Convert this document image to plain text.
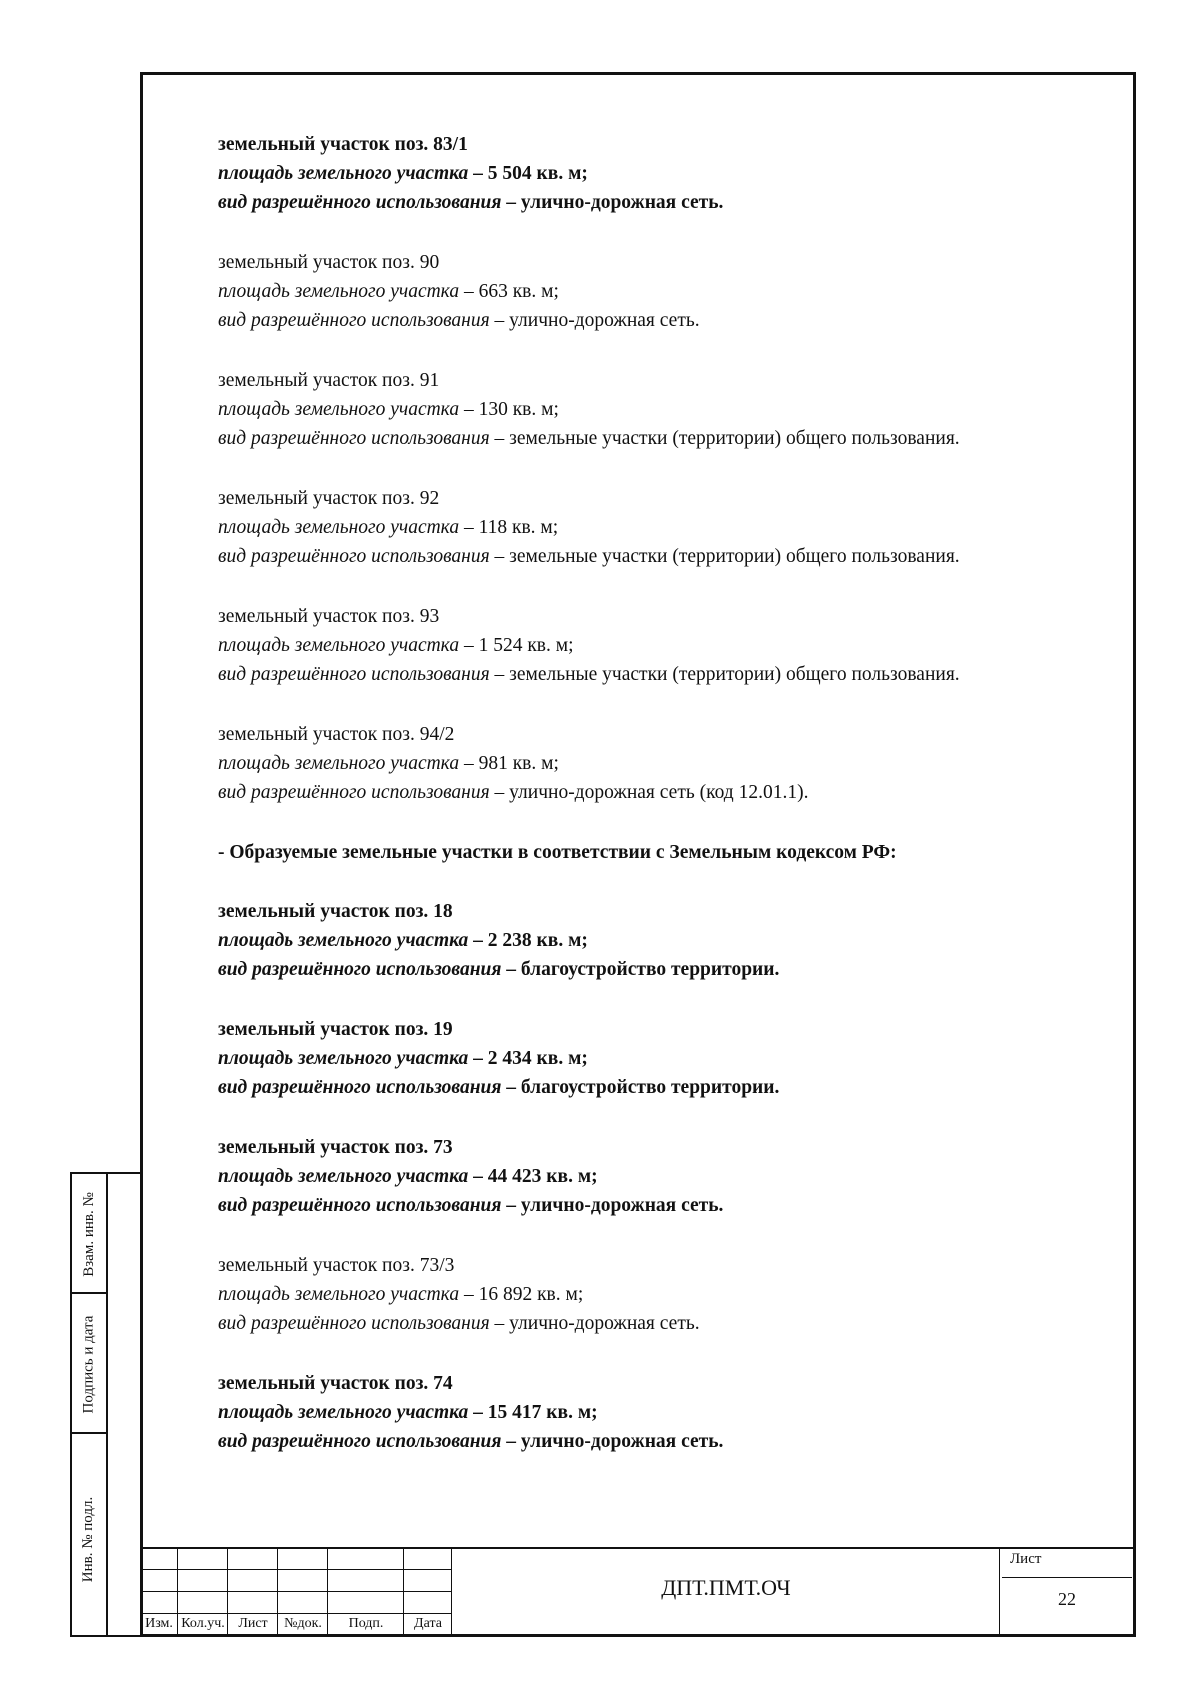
земельный участок поз. 83/1
площадь земельного участка – 5 504 кв. м;
вид разрешённого использования – улично-дорожная сеть.
земельный участок поз. 90
площадь земельного участка – 663 кв. м;
вид разрешённого использования – улично-дорожная сеть.
земельный участок поз. 91
площадь земельного участка – 130 кв. м;
вид разрешённого использования – земельные участки (территории) общего пользования.
земельный участок поз. 92
площадь земельного участка – 118 кв. м;
вид разрешённого использования – земельные участки (территории) общего пользования.
земельный участок поз. 93
площадь земельного участка – 1 524 кв. м;
вид разрешённого использования – земельные участки (территории) общего пользования.
земельный участок поз. 94/2
площадь земельного участка – 981 кв. м;
вид разрешённого использования – улично-дорожная сеть (код 12.01.1).
- Образуемые земельные участки в соответствии с Земельным кодексом РФ:
земельный участок поз. 18
площадь земельного участка – 2 238 кв. м;
вид разрешённого использования – благоустройство территории.
земельный участок поз. 19
площадь земельного участка – 2 434 кв. м;
вид разрешённого использования – благоустройство территории.
земельный участок поз. 73
площадь земельного участка – 44 423 кв. м;
вид разрешённого использования – улично-дорожная сеть.
земельный участок поз. 73/3
площадь земельного участка – 16 892 кв. м;
вид разрешённого использования – улично-дорожная сеть.
земельный участок поз. 74
площадь земельного участка – 15 417 кв. м;
вид разрешённого использования – улично-дорожная сеть.
Взам. инв. №
Подпись и дата
Инв. № подл.
Изм. Кол.уч. Лист	№док.	Подп.	Дата
ДПТ.ПМТ.ОЧ
Лист
22
